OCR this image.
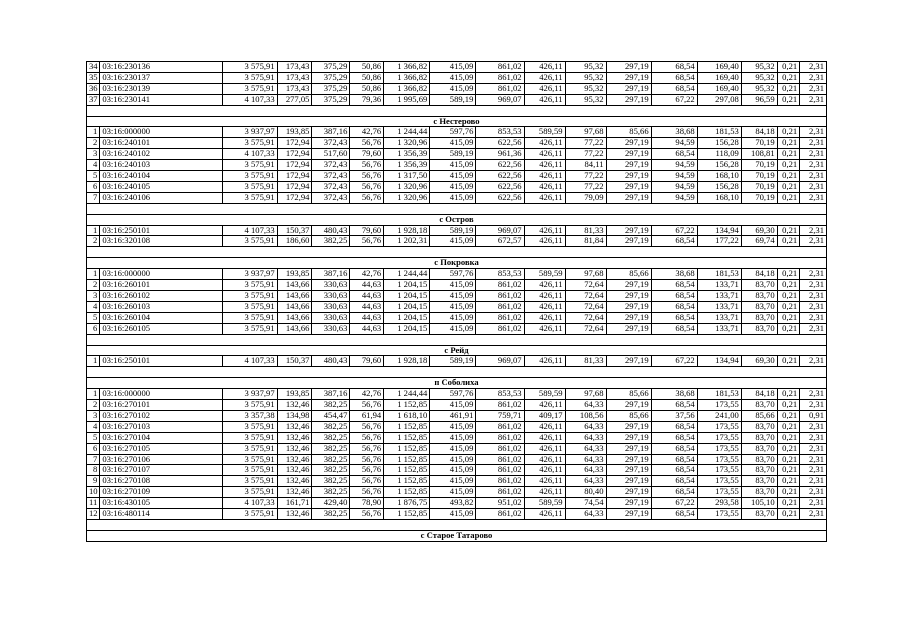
34	03:16:230136	3 575,91	173,43	375,29	50,86	1 366,82	415,09	861,02	426,11	95,32	297,19	68,54	169,40	95,32	0,21	2,31
35	03:16:230137	3 575,91	173,43	375,29	50,86	1 366,82	415,09	861,02	426,11	95,32	297,19	68,54	169,40	95,32	0,21	2,31
36	03:16:230139	3 575,91	173,43	375,29	50,86	1 366,82	415,09	861,02	426,11	95,32	297,19	68,54	169,40	95,32	0,21	2,31
37	03:16:230141	4 107,33	277,05	375,29	79,36	1 995,69	589,19	969,07	426,11	95,32	297,19	67,22	297,08	96,59	0,21	2,31

с Нестерово																
1	03:16:000000	3 937,97	193,85	387,16	42,76	1 244,44	597,76	853,53	589,59	97,68	85,66	38,68	181,53	84,18	0,21	2,31
2	03:16:240101	3 575,91	172,94	372,43	56,76	1 320,96	415,09	622,56	426,11	77,22	297,19	94,59	156,28	70,19	0,21	2,31
3	03:16:240102	4 107,33	172,94	517,60	79,60	1 356,39	589,19	961,36	426,11	77,22	297,19	68,54	118,09	108,81	0,21	2,31
4	03:16:240103	3 575,91	172,94	372,43	56,76	1 356,39	415,09	622,56	426,11	84,11	297,19	94,59	156,28	70,19	0,21	2,31
5	03:16:240104	3 575,91	172,94	372,43	56,76	1 317,50	415,09	622,56	426,11	77,22	297,19	94,59	168,10	70,19	0,21	2,31
6	03:16:240105	3 575,91	172,94	372,43	56,76	1 320,96	415,09	622,56	426,11	77,22	297,19	94,59	156,28	70,19	0,21	2,31
7	03:16:240106	3 575,91	172,94	372,43	56,76	1 320,96	415,09	622,56	426,11	79,09	297,19	94,59	168,10	70,19	0,21	2,31

с Остров																
1	03:16:250101	4 107,33	150,37	480,43	79,60	1 928,18	589,19	969,07	426,11	81,33	297,19	67,22	134,94	69,30	0,21	2,31
2	03:16:320108	3 575,91	186,60	382,25	56,76	1 202,31	415,09	672,57	426,11	81,84	297,19	68,54	177,22	69,74	0,21	2,31

с Покровка																
1	03:16:000000	3 937,97	193,85	387,16	42,76	1 244,44	597,76	853,53	589,59	97,68	85,66	38,68	181,53	84,18	0,21	2,31
2	03:16:260101	3 575,91	143,66	330,63	44,63	1 204,15	415,09	861,02	426,11	72,64	297,19	68,54	133,71	83,70	0,21	2,31
3	03:16:260102	3 575,91	143,66	330,63	44,63	1 204,15	415,09	861,02	426,11	72,64	297,19	68,54	133,71	83,70	0,21	2,31
4	03:16:260103	3 575,91	143,66	330,63	44,63	1 204,15	415,09	861,02	426,11	72,64	297,19	68,54	133,71	83,70	0,21	2,31
5	03:16:260104	3 575,91	143,66	330,63	44,63	1 204,15	415,09	861,02	426,11	72,64	297,19	68,54	133,71	83,70	0,21	2,31
6	03:16:260105	3 575,91	143,66	330,63	44,63	1 204,15	415,09	861,02	426,11	72,64	297,19	68,54	133,71	83,70	0,21	2,31

с Рейд																
1	03:16:250101	4 107,33	150,37	480,43	79,60	1 928,18	589,19	969,07	426,11	81,33	297,19	67,22	134,94	69,30	0,21	2,31

п Соболиха																
1	03:16:000000	3 937,97	193,85	387,16	42,76	1 244,44	597,76	853,53	589,59	97,68	85,66	38,68	181,53	84,18	0,21	2,31
2	03:16:270101	3 575,91	132,46	382,25	56,76	1 152,85	415,09	861,02	426,11	64,33	297,19	68,54	173,55	83,70	0,21	2,31
3	03:16:270102	3 357,38	134,98	454,47	61,94	1 618,10	461,91	759,71	409,17	108,56	85,66	37,56	241,00	85,66	0,21	0,91
4	03:16:270103	3 575,91	132,46	382,25	56,76	1 152,85	415,09	861,02	426,11	64,33	297,19	68,54	173,55	83,70	0,21	2,31
5	03:16:270104	3 575,91	132,46	382,25	56,76	1 152,85	415,09	861,02	426,11	64,33	297,19	68,54	173,55	83,70	0,21	2,31
6	03:16:270105	3 575,91	132,46	382,25	56,76	1 152,85	415,09	861,02	426,11	64,33	297,19	68,54	173,55	83,70	0,21	2,31
7	03:16:270106	3 575,91	132,46	382,25	56,76	1 152,85	415,09	861,02	426,11	64,33	297,19	68,54	173,55	83,70	0,21	2,31
8	03:16:270107	3 575,91	132,46	382,25	56,76	1 152,85	415,09	861,02	426,11	64,33	297,19	68,54	173,55	83,70	0,21	2,31
9	03:16:270108	3 575,91	132,46	382,25	56,76	1 152,85	415,09	861,02	426,11	64,33	297,19	68,54	173,55	83,70	0,21	2,31
10	03:16:270109	3 575,91	132,46	382,25	56,76	1 152,85	415,09	861,02	426,11	80,40	297,19	68,54	173,55	83,70	0,21	2,31
11	03:16:430105	4 107,33	161,71	429,40	78,90	1 876,75	493,82	951,02	589,59	74,54	297,19	67,22	293,58	105,10	0,21	2,31
12	03:16:480114	3 575,91	132,46	382,25	56,76	1 152,85	415,09	861,02	426,11	64,33	297,19	68,54	173,55	83,70	0,21	2,31

с Старое Татарово																
